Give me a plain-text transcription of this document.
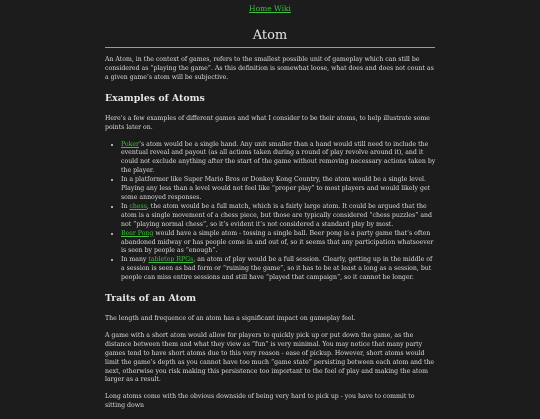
Home Wiki
Atom

An Atom, in the context of games, refers to the smallest possible unit of gameplay which can still be considered as “playing the game”. As this definition is somewhat loose, what does and does not count as a given game’s atom will be subjective.

Examples of Atoms

Here’s a few examples of different games and what I consider to be their atoms, to help illustrate some points later on.

• Poker’s atom would be a single hand. Any unit smaller than a hand would still need to include the eventual reveal and payout (as all actions taken during a round of play revolve around it), and it could not exclude anything after the start of the game without removing necessary actions taken by the player.
• In a platformer like Super Mario Bros or Donkey Kong Country, the atom would be a single level. Playing any less than a level would not feel like “proper play” to most players and would likely get some annoyed responses.
• In chess, the atom would be a full match, which is a fairly large atom. It could be argued that the atom is a single movement of a chess piece, but those are typically considered “chess puzzles” and not “playing normal chess”, so it’s evident it’s not considered a standard play by most.
• Beer Pong would have a simple atom - tossing a single ball. Beer pong is a party game that’s often abandoned midway or has people come in and out of, so it seems that any participation whatsoever is seen by people as “enough”.
• In many tabletop RPGs, an atom of play would be a full session. Clearly, getting up in the middle of a session is seen as bad form or “ruining the game”, so it has to be at least a long as a session, but people can miss entire sessions and still have “played that campaign”, so it cannot be longer.
Traits of an Atom

The length and frequence of an atom has a significant impact on gameplay feel.

A game with a short atom would allow for players to quickly pick up or put down the game, as the distance between them and what they view as “fun” is very minimal. You may notice that many party games tend to have short atoms due to this very reason - ease of pickup. However, short atoms would limit the game’s depth as you cannot have too much “game state” persisting between each atom and the next, otherwise you risk making this persistence too important to the feel of play and making the atom larger as a result.

Long atoms come with the obvious downside of being very hard to pick up - you have to commit to sitting down
